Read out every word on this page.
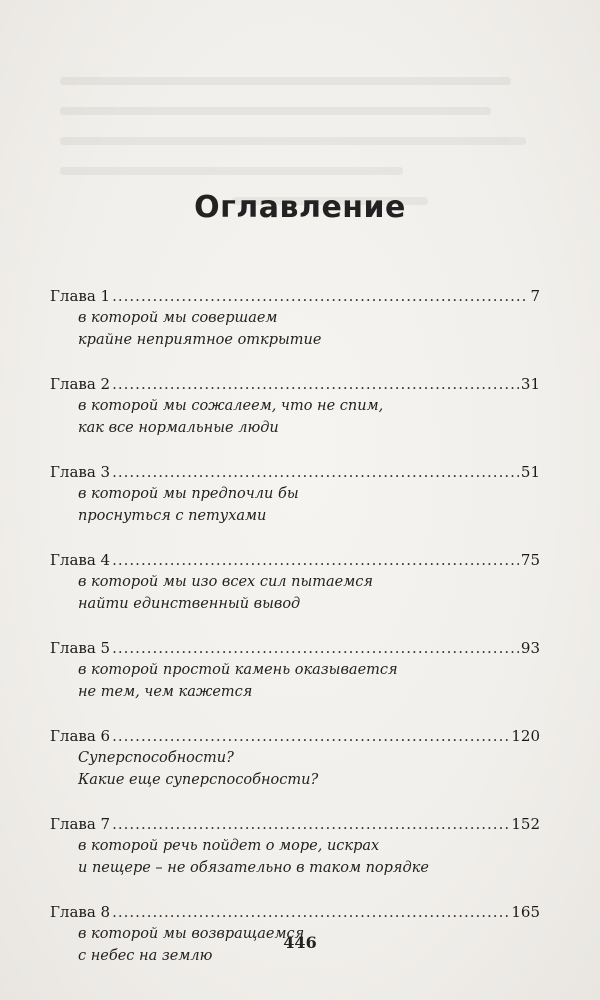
Оглавление
Глава 1 .....	7
в которой мы совершаем
крайне неприятное открытие
Глава 2 .....	31
в которой мы сожалеем, что не спим,
как все нормальные люди
Глава 3 .....	51
в которой мы предпочли бы
проснуться с петухами
Глава 4 .....	75
в которой мы изо всех сил пытаемся
найти единственный вывод
Глава 5 .....	93
в которой простой камень оказывается
не тем, чем кажется
Глава 6 .....	120
Суперспособности?
Какие еще суперспособности?
Глава 7 .....	152
в которой речь пойдет о море, искрах
и пещере – не обязательно в таком порядке
Глава 8 .....	165
в которой мы возвращаемся
с небес на землю
446
